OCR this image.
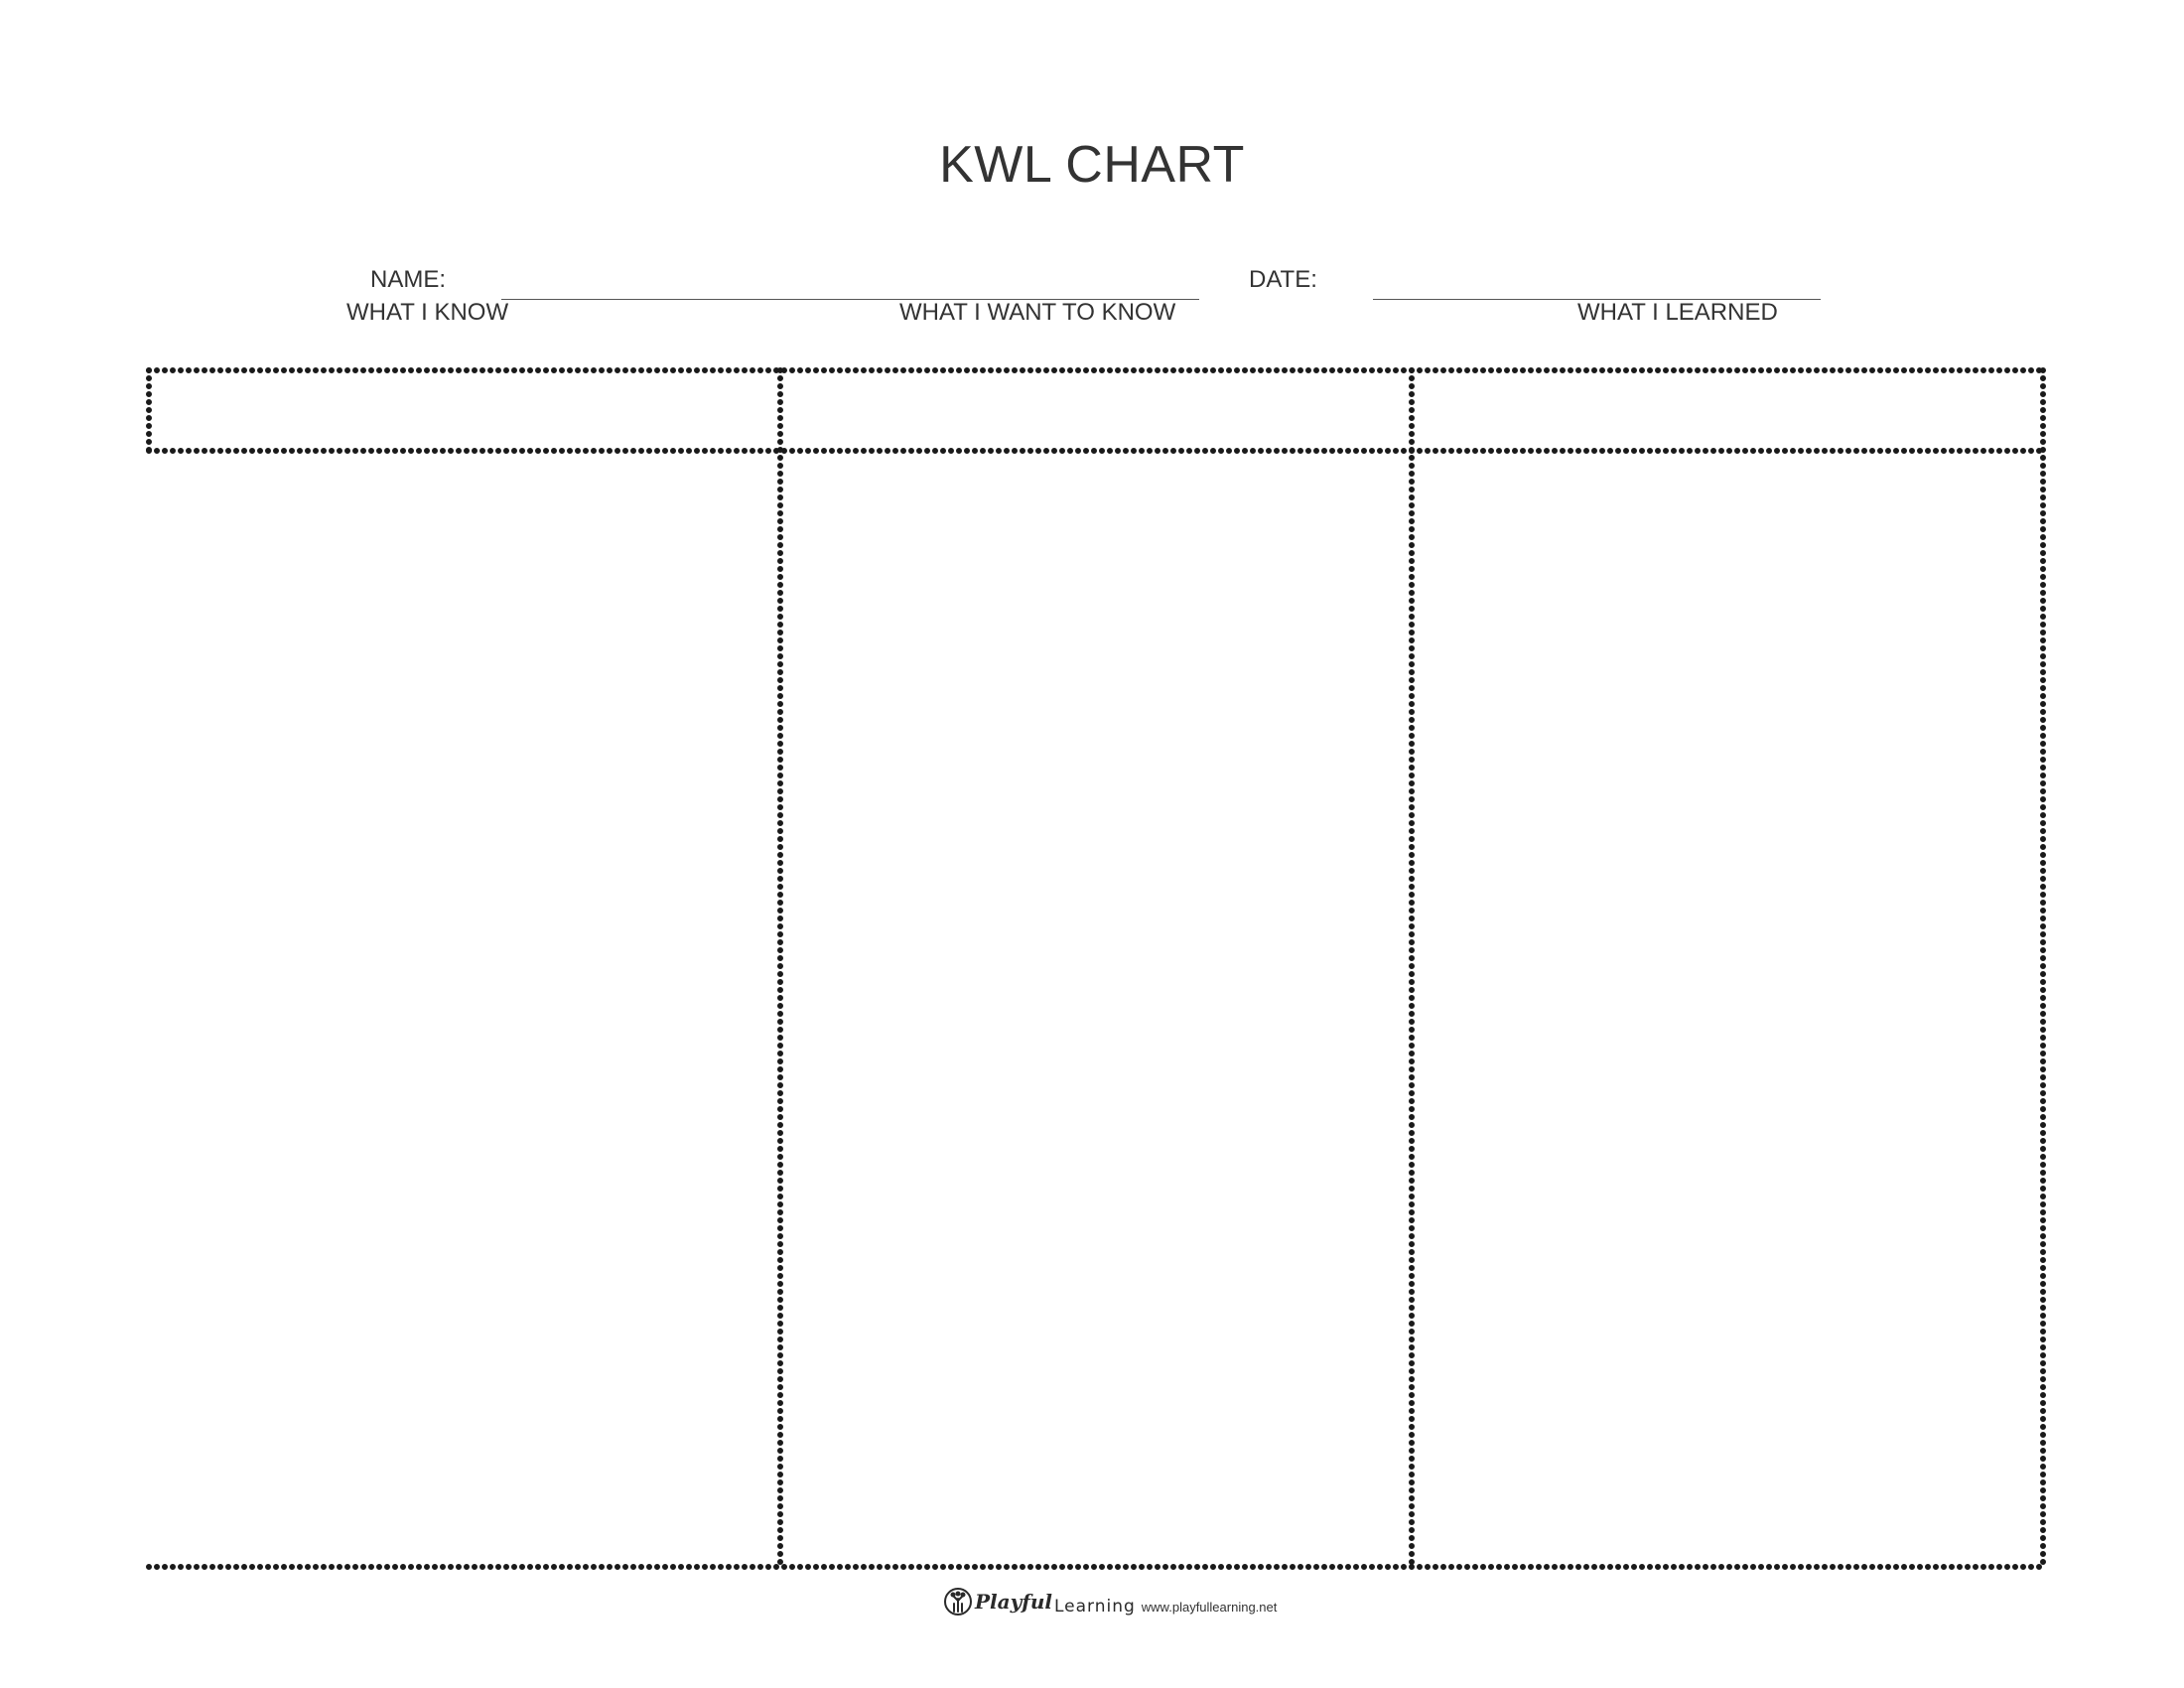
KWL CHART
NAME:	DATE:
WHAT I KNOW	WHAT I WANT TO KNOW	WHAT I LEARNED
Playful Learning www.playfullearning.net
